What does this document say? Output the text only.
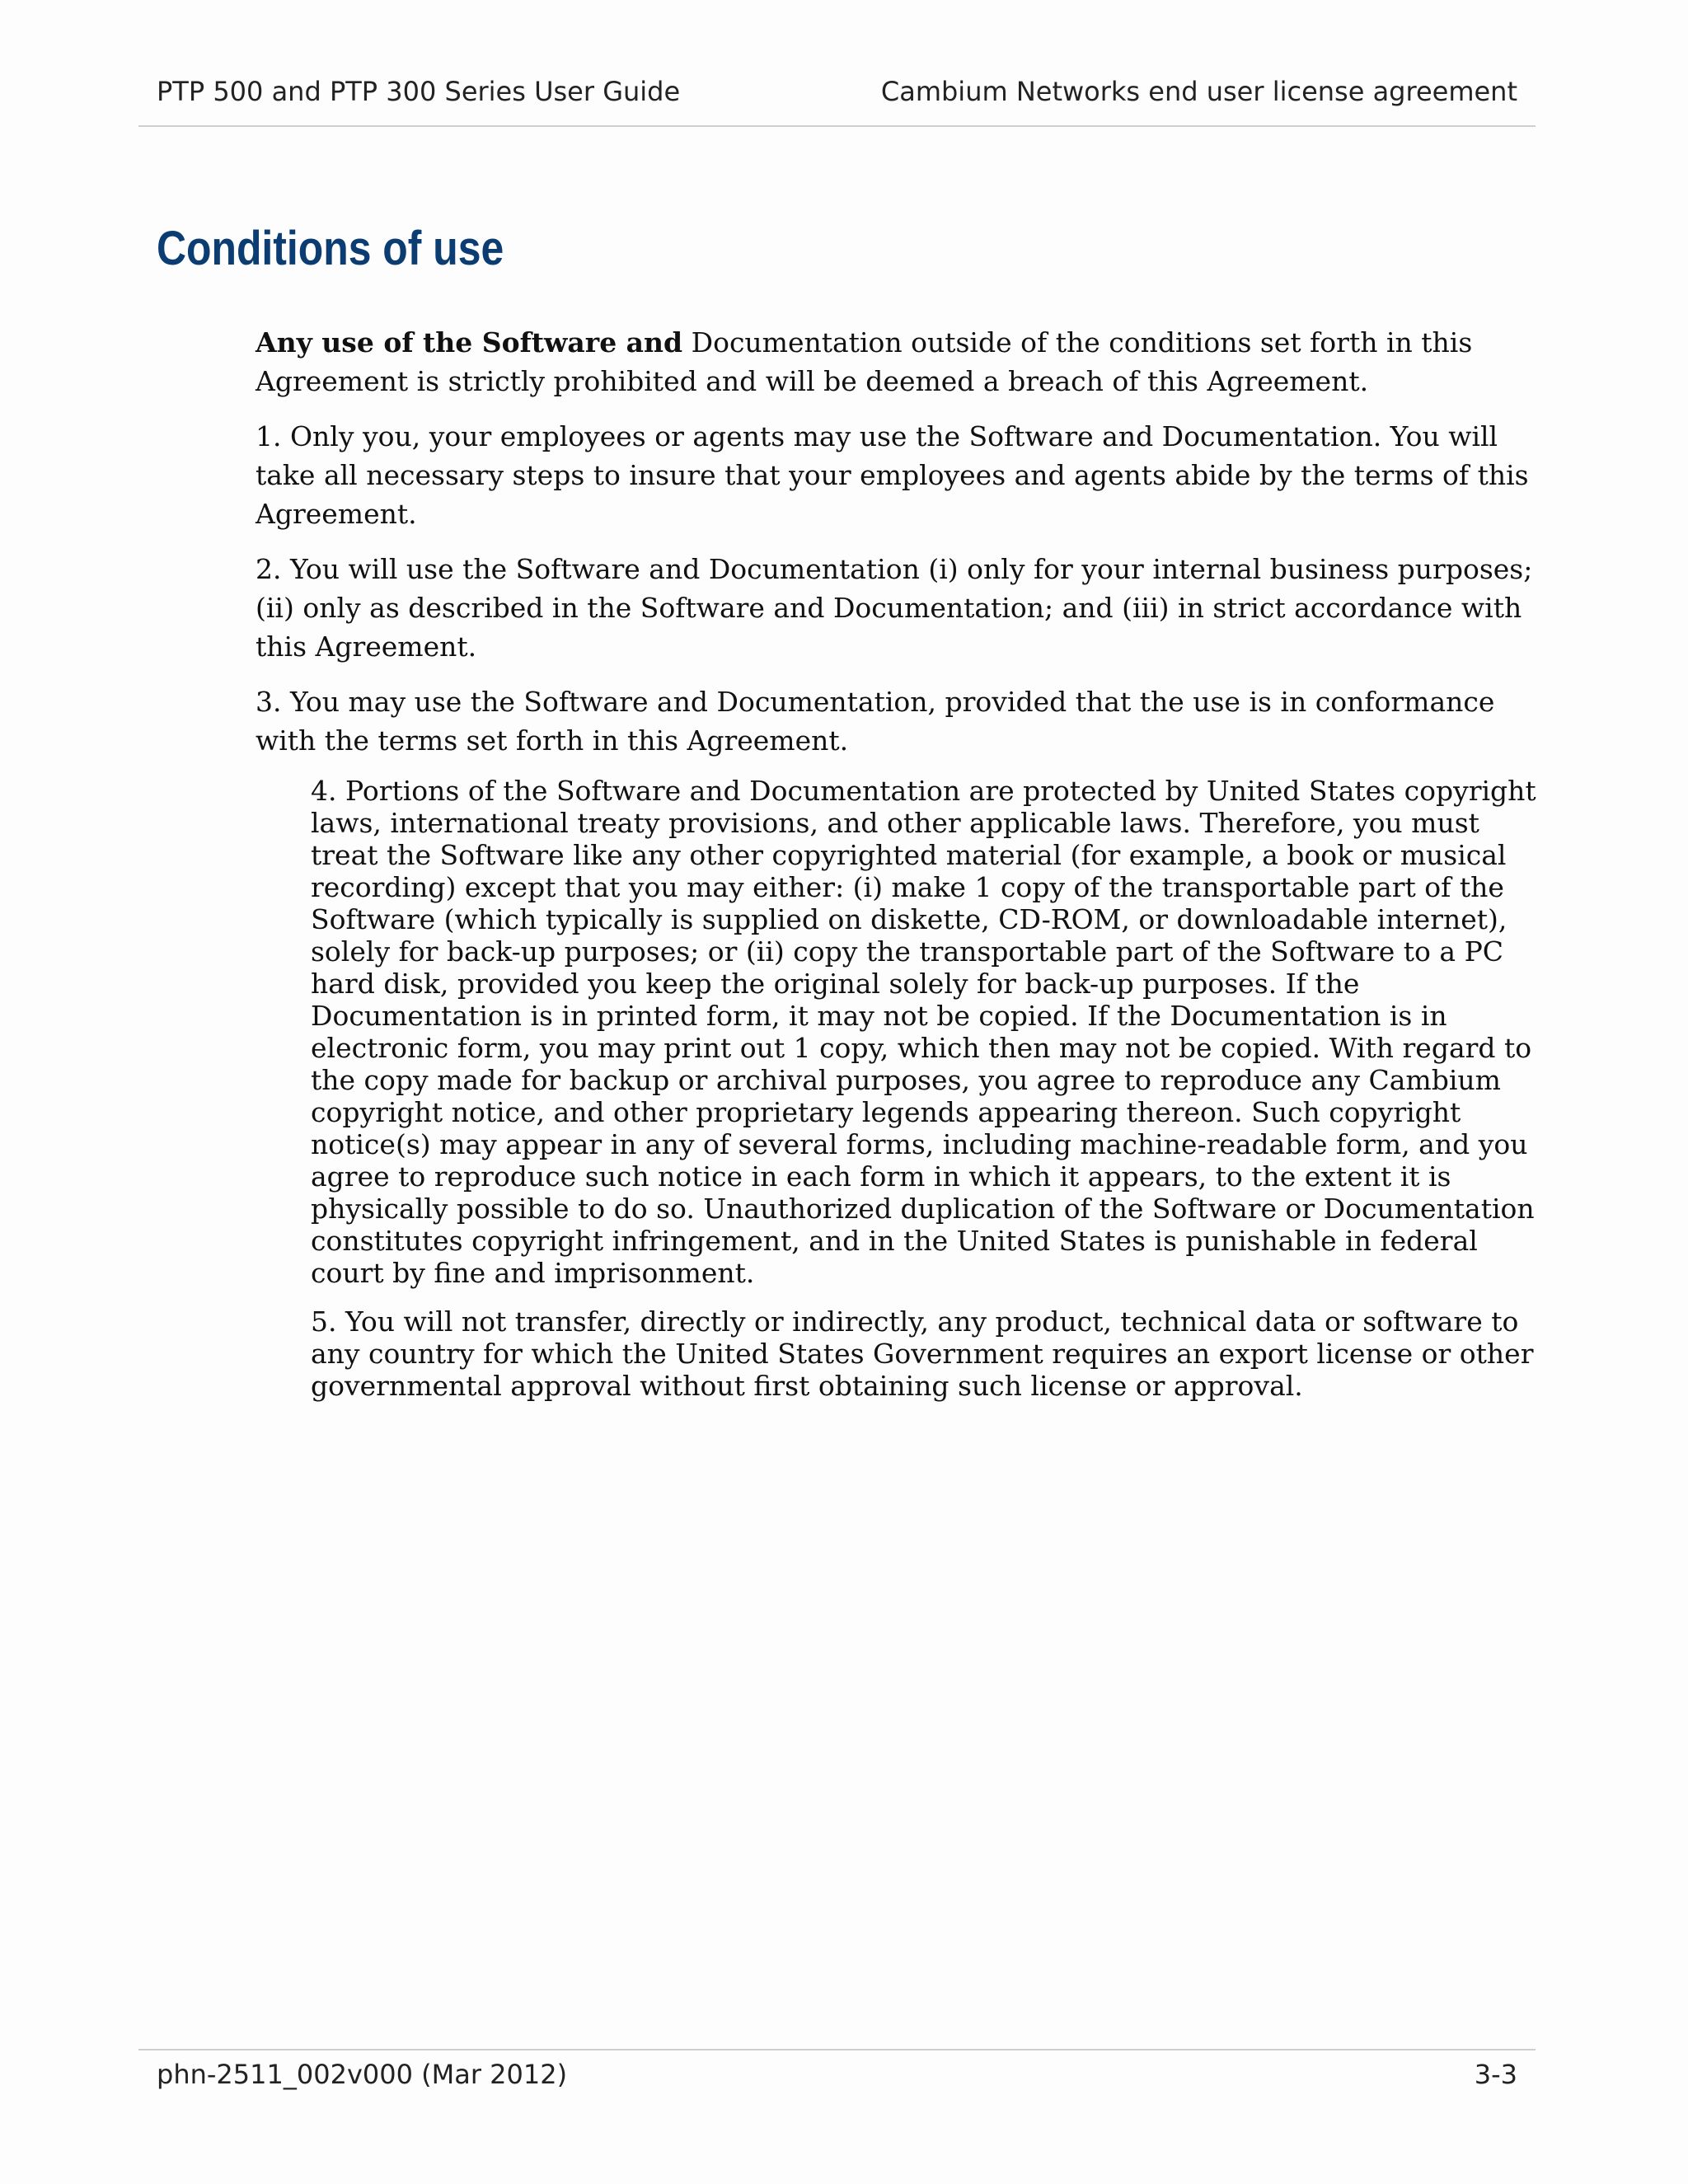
PTP 500 and PTP 300 Series User Guide	Cambium Networks end user license agreement
Conditions of use

Any use of the Software and Documentation outside of the conditions set forth in this Agreement is strictly prohibited and will be deemed a breach of this Agreement.

1. Only you, your employees or agents may use the Software and Documentation. You will take all necessary steps to insure that your employees and agents abide by the terms of this Agreement.

2. You will use the Software and Documentation (i) only for your internal business purposes; (ii) only as described in the Software and Documentation; and (iii) in strict accordance with this Agreement.

3. You may use the Software and Documentation, provided that the use is in conformance with the terms set forth in this Agreement.

4. Portions of the Software and Documentation are protected by United States copyright laws, international treaty provisions, and other applicable laws. Therefore, you must treat the Software like any other copyrighted material (for example, a book or musical recording) except that you may either: (i) make 1 copy of the transportable part of the Software (which typically is supplied on diskette, CD-ROM, or downloadable internet), solely for back-up purposes; or (ii) copy the transportable part of the Software to a PC hard disk, provided you keep the original solely for back-up purposes. If the Documentation is in printed form, it may not be copied. If the Documentation is in electronic form, you may print out 1 copy, which then may not be copied. With regard to the copy made for backup or archival purposes, you agree to reproduce any Cambium copyright notice, and other proprietary legends appearing thereon. Such copyright notice(s) may appear in any of several forms, including machine-readable form, and you agree to reproduce such notice in each form in which it appears, to the extent it is physically possible to do so. Unauthorized duplication of the Software or Documentation constitutes copyright infringement, and in the United States is punishable in federal court by fine and imprisonment.

5. You will not transfer, directly or indirectly, any product, technical data or software to any country for which the United States Government requires an export license or other governmental approval without first obtaining such license or approval.

phn-2511_002v000 (Mar 2012)	3-3
